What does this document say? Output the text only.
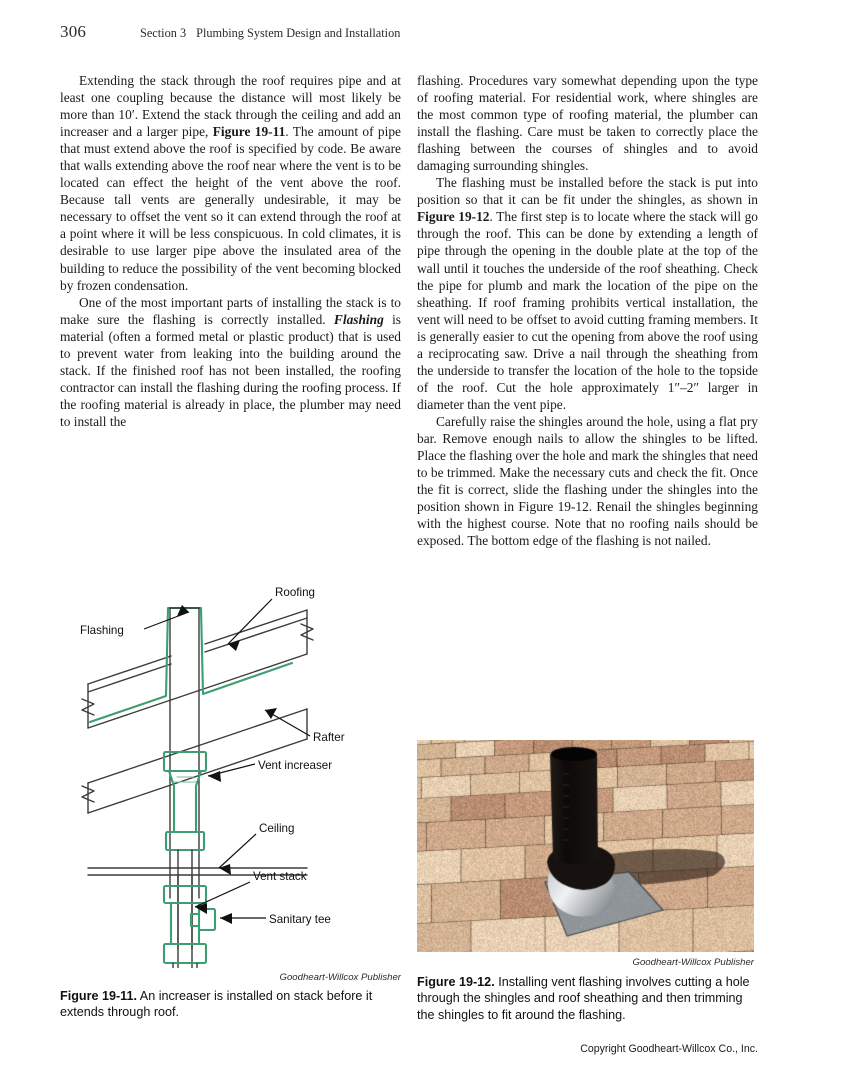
306	Section 3 Plumbing System Design and Installation

Extending the stack through the roof requires pipe and at least one coupling because the distance will most likely be more than 10′. Extend the stack through the ceiling and add an increaser and a larger pipe, Figure 19-11. The amount of pipe that must extend above the roof is specified by code. Be aware that walls extending above the roof near where the vent is to be located can effect the height of the vent above the roof. Because tall vents are generally undesirable, it may be necessary to offset the vent so it can extend through the roof at a point where it will be less conspicuous. In cold climates, it is desirable to use larger pipe above the insulated area of the building to reduce the possibility of the vent becoming blocked by frozen condensation.

One of the most important parts of installing the stack is to make sure the flashing is correctly installed. Flashing is material (often a formed metal or plastic product) that is used to prevent water from leaking into the building around the stack. If the finished roof has not been installed, the roofing contractor can install the flashing during the roofing process. If the roofing material is already in place, the plumber may need to install the

flashing. Procedures vary somewhat depending upon the type of roofing material. For residential work, where shingles are the most common type of roofing material, the plumber can install the flashing. Care must be taken to correctly place the flashing between the courses of shingles and to avoid damaging surrounding shingles.

The flashing must be installed before the stack is put into position so that it can be fit under the shingles, as shown in Figure 19-12. The first step is to locate where the stack will go through the roof. This can be done by extending a length of pipe through the opening in the double plate at the top of the wall until it touches the underside of the roof sheathing. Check the pipe for plumb and mark the location of the pipe on the sheathing. If roof framing prohibits vertical installation, the vent will need to be offset to avoid cutting framing members. It is generally easier to cut the opening from above the roof using a reciprocating saw. Drive a nail through the sheathing from the underside to transfer the location of the hole to the topside of the roof. Cut the hole approximately 1″–2″ larger in diameter than the vent pipe.

Carefully raise the shingles around the hole, using a flat pry bar. Remove enough nails to allow the shingles to be lifted. Place the flashing over the hole and mark the shingles that need to be trimmed. Make the necessary cuts and check the fit. Once the fit is correct, slide the flashing under the shingles into the position shown in Figure 19-12. Renail the shingles beginning with the highest course. Note that no roofing nails should be exposed. The bottom edge of the flashing is not nailed.

Roofing
Flashing
Rafter
Vent increaser
Ceiling
Vent stack
Sanitary tee
Goodheart-Willcox Publisher
Goodheart-Willcox Publisher
Figure 19-11. An increaser is installed on stack before it extends through roof.
Figure 19-12. Installing vent flashing involves cutting a hole through the shingles and roof sheathing and then trimming the shingles to fit around the flashing.
Copyright Goodheart-Willcox Co., Inc.
